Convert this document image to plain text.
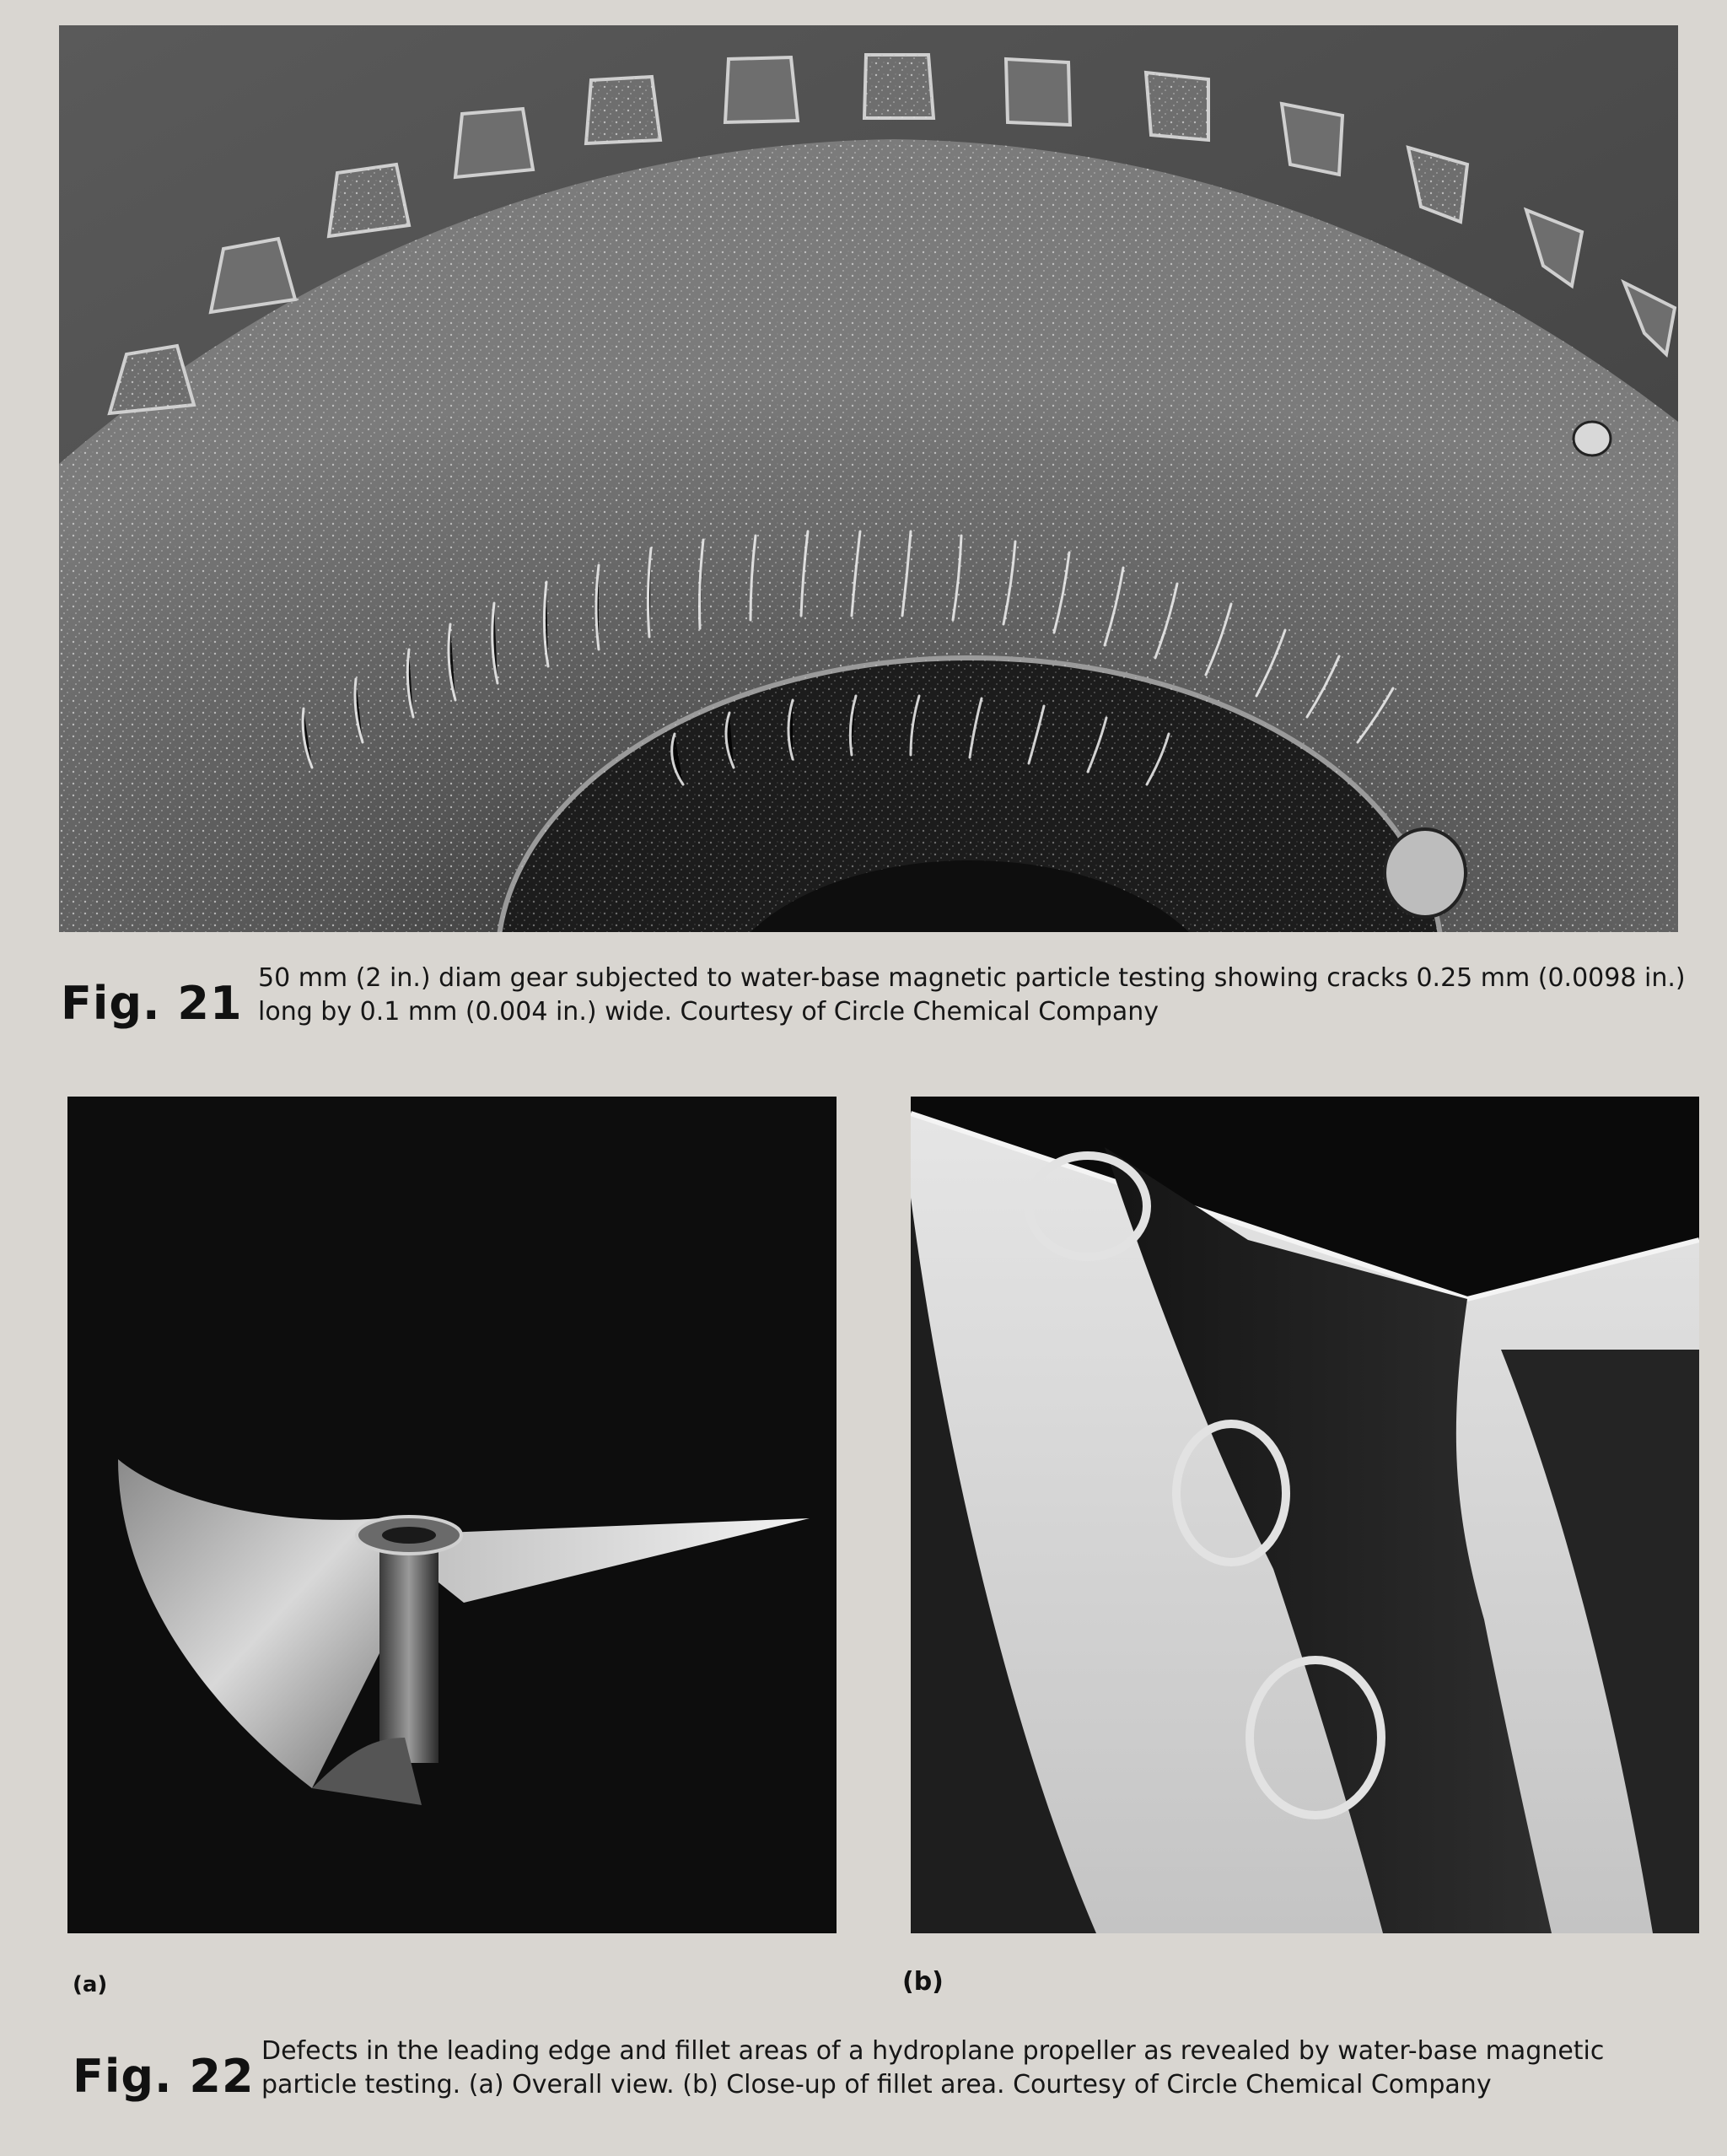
Fig. 21 50 mm (2 in.) diam gear subjected to water-base magnetic particle testing showing cracks 0.25 mm (0.0098 in.) long by 0.1 mm (0.004 in.) wide. Courtesy of Circle Chemical Company
(a)	(b)
Fig. 22 Defects in the leading edge and fillet areas of a hydroplane propeller as revealed by water-base magnetic particle testing. (a) Overall view. (b) Close-up of fillet area. Courtesy of Circle Chemical Company
